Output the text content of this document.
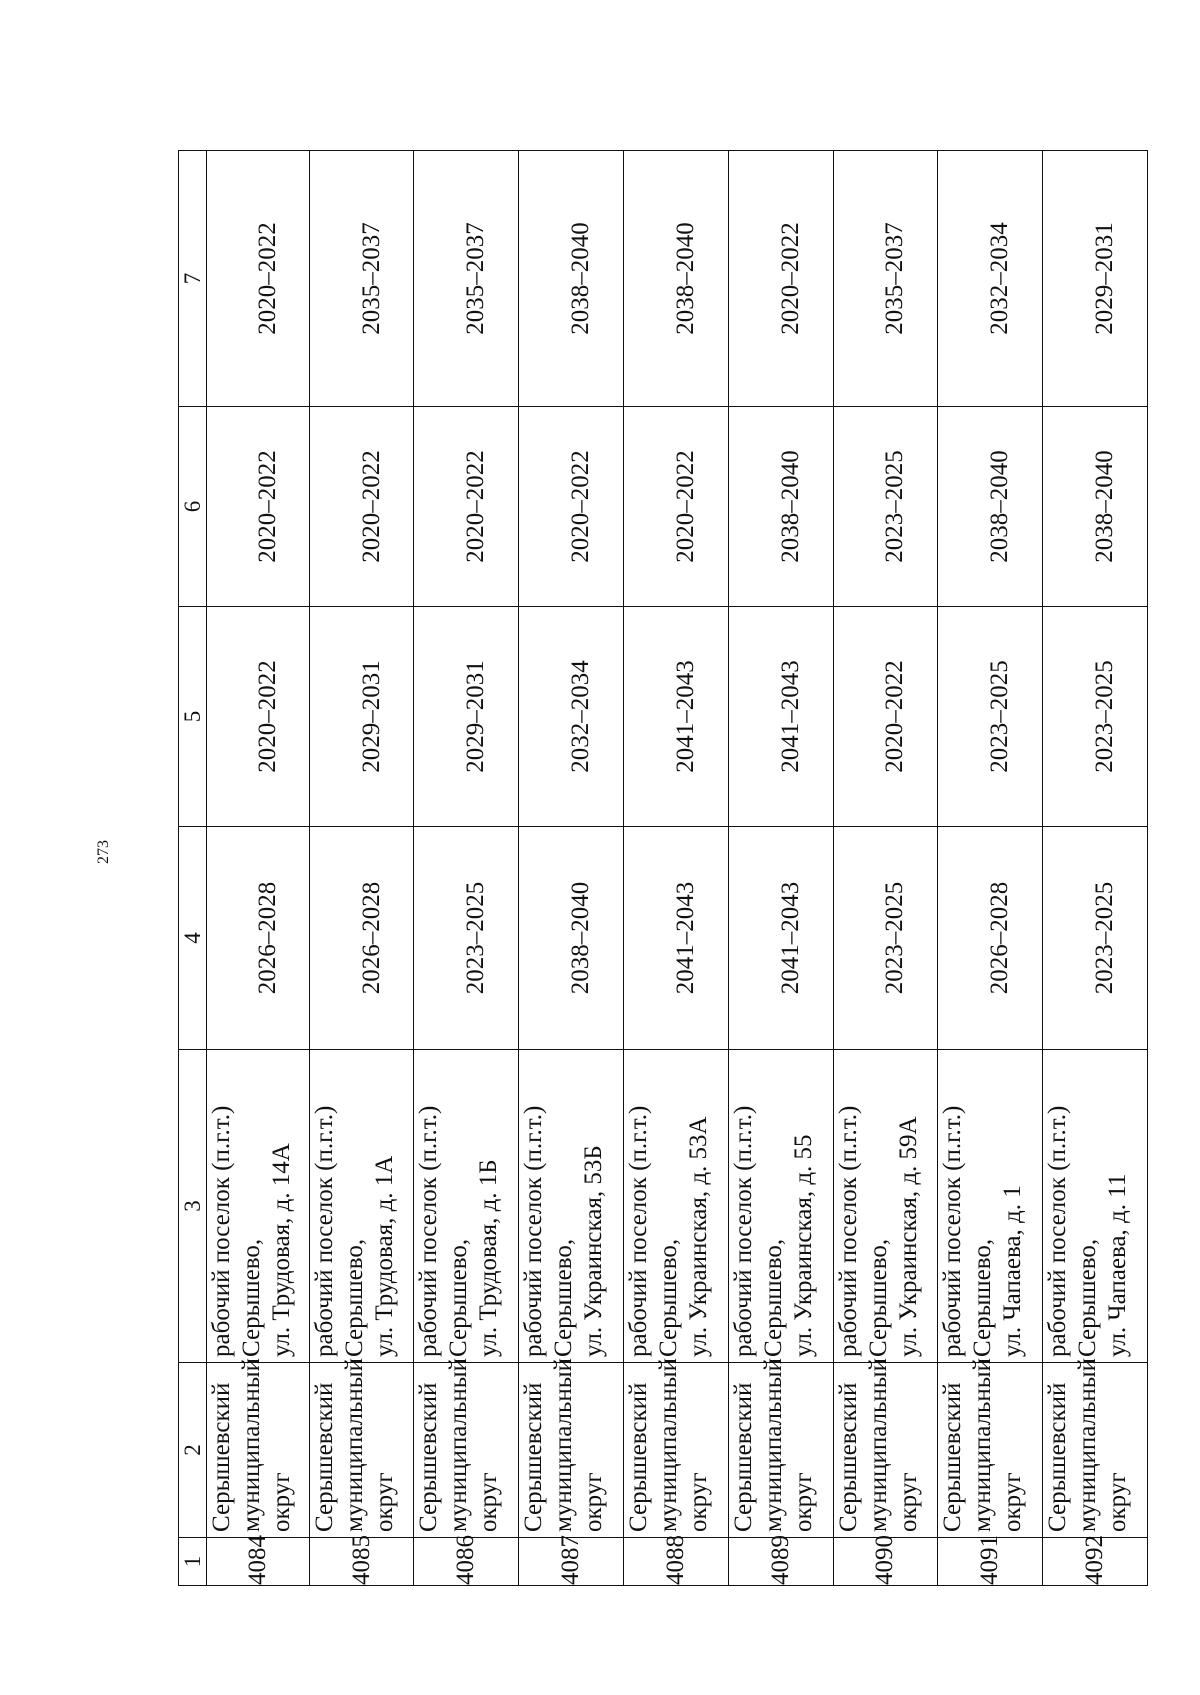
273
1	2	3	4	5	6	7
4084	Серышевский муниципальный округ	рабочий поселок (п.г.т.) Серышево, ул. Трудовая, д. 14А	2026–2028	2020–2022	2020–2022	2020–2022
4085	Серышевский муниципальный округ	рабочий поселок (п.г.т.) Серышево, ул. Трудовая, д. 1А	2026–2028	2029–2031	2020–2022	2035–2037
4086	Серышевский муниципальный округ	рабочий поселок (п.г.т.) Серышево, ул. Трудовая, д. 1Б	2023–2025	2029–2031	2020–2022	2035–2037
4087	Серышевский муниципальный округ	рабочий поселок (п.г.т.) Серышево, ул. Украинская, 53Б	2038–2040	2032–2034	2020–2022	2038–2040
4088	Серышевский муниципальный округ	рабочий поселок (п.г.т.) Серышево, ул. Украинская, д. 53А	2041–2043	2041–2043	2020–2022	2038–2040
4089	Серышевский муниципальный округ	рабочий поселок (п.г.т.) Серышево, ул. Украинская, д. 55	2041–2043	2041–2043	2038–2040	2020–2022
4090	Серышевский муниципальный округ	рабочий поселок (п.г.т.) Серышево, ул. Украинская, д. 59А	2023–2025	2020–2022	2023–2025	2035–2037
4091	Серышевский муниципальный округ	рабочий поселок (п.г.т.) Серышево, ул. Чапаева, д. 1	2026–2028	2023–2025	2038–2040	2032–2034
4092	Серышевский муниципальный округ	рабочий поселок (п.г.т.) Серышево, ул. Чапаева, д. 11	2023–2025	2023–2025	2038–2040	2029–2031
